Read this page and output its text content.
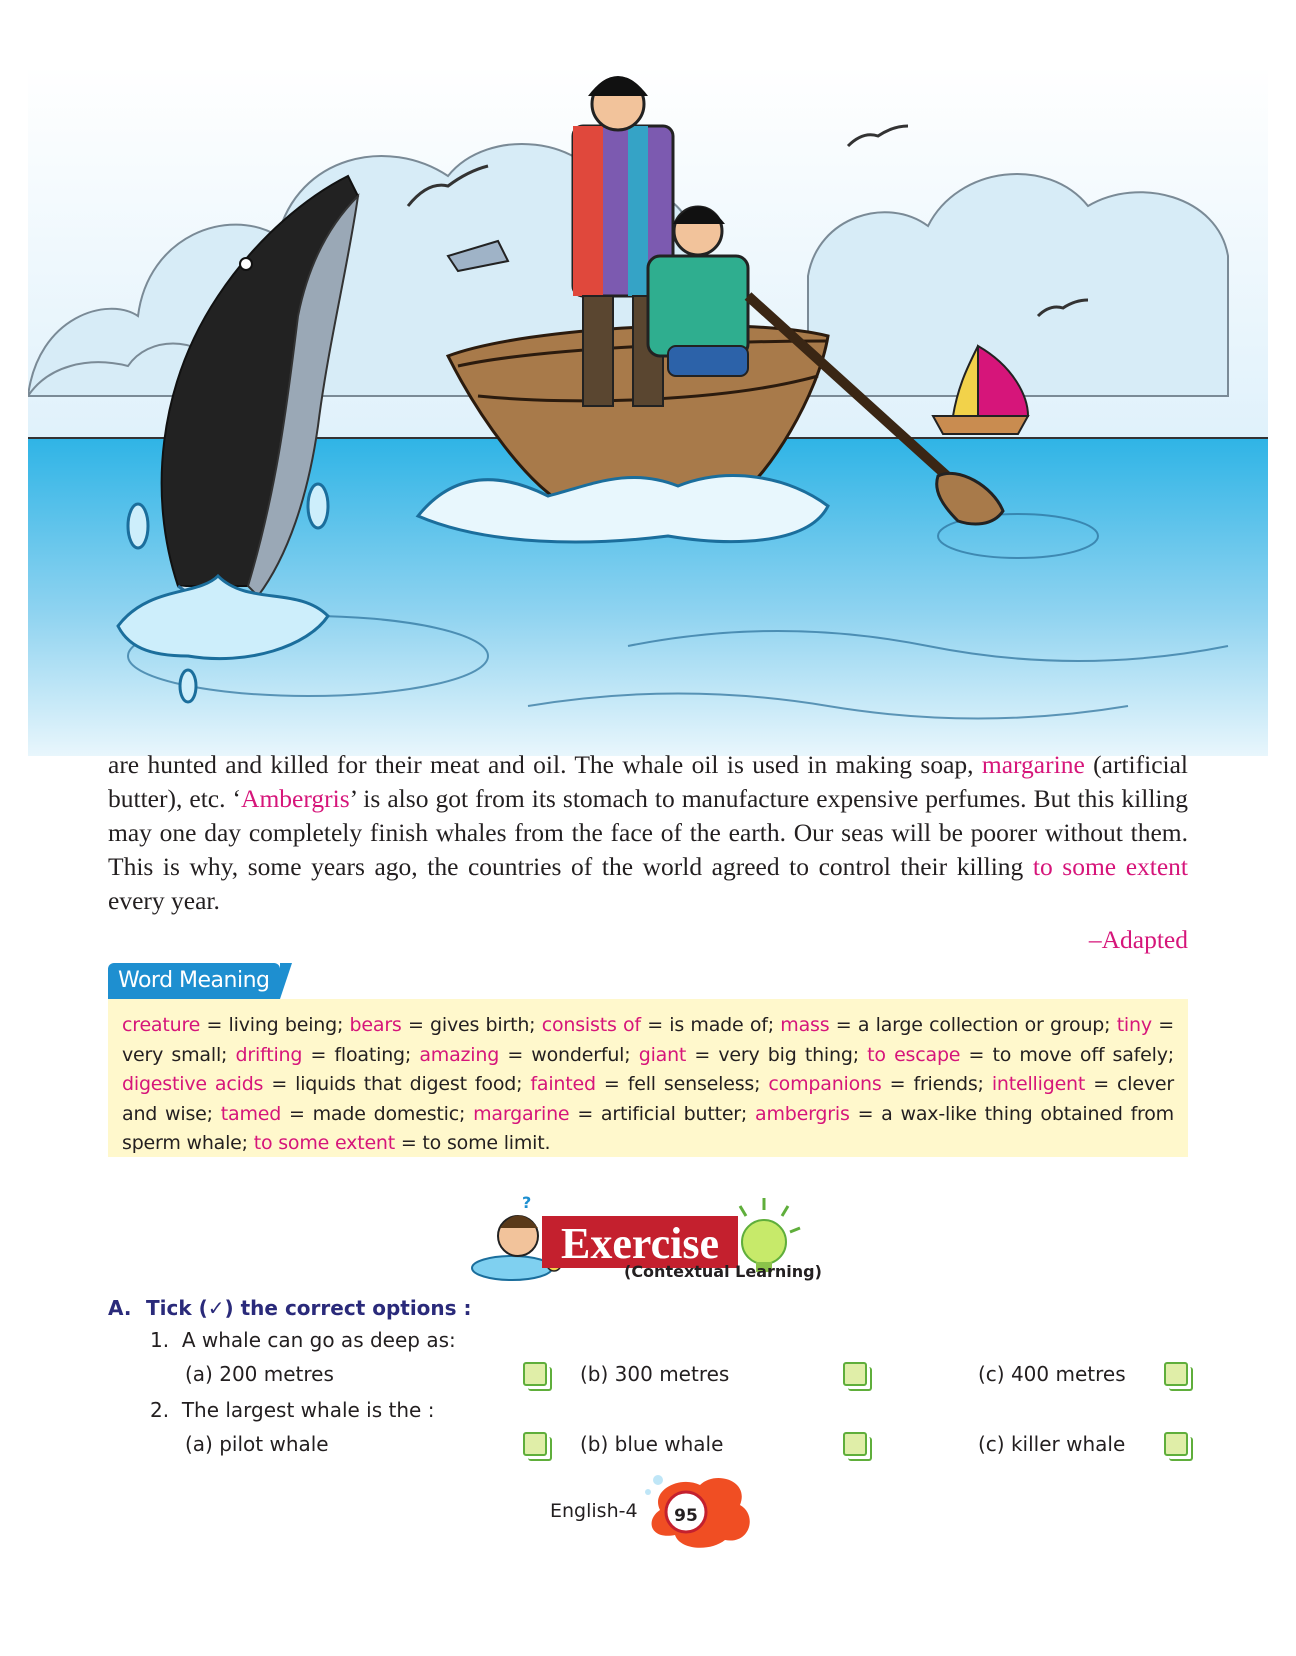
are hunted and killed for their meat and oil. The whale oil is used in making soap, margarine (artificial butter), etc. ‘Ambergris’ is also got from its stomach to manufacture expensive perfumes. But this killing may one day completely finish whales from the face of the earth. Our seas will be poorer without them. This is why, some years ago, the countries of the world agreed to control their killing to some extent every year.
–Adapted
Word Meaning
creature = living being; bears = gives birth; consists of = is made of; mass = a large collection or group; tiny = very small; drifting = floating; amazing = wonderful; giant = very big thing; to escape = to move off safely; digestive acids = liquids that digest food; fainted = fell senseless; companions = friends; intelligent = clever and wise; tamed = made domestic; margarine = artificial butter; ambergris = a wax-like thing obtained from sperm whale; to some extent = to some limit.
?
Exercise
(Contextual Learning)
A. Tick (✓) the correct options :
1. A whale can go as deep as:
(a) 200 metres	(b) 300 metres	(c) 400 metres
2. The largest whale is the :
(a) pilot whale	(b) blue whale	(c) killer whale
English-4	95
